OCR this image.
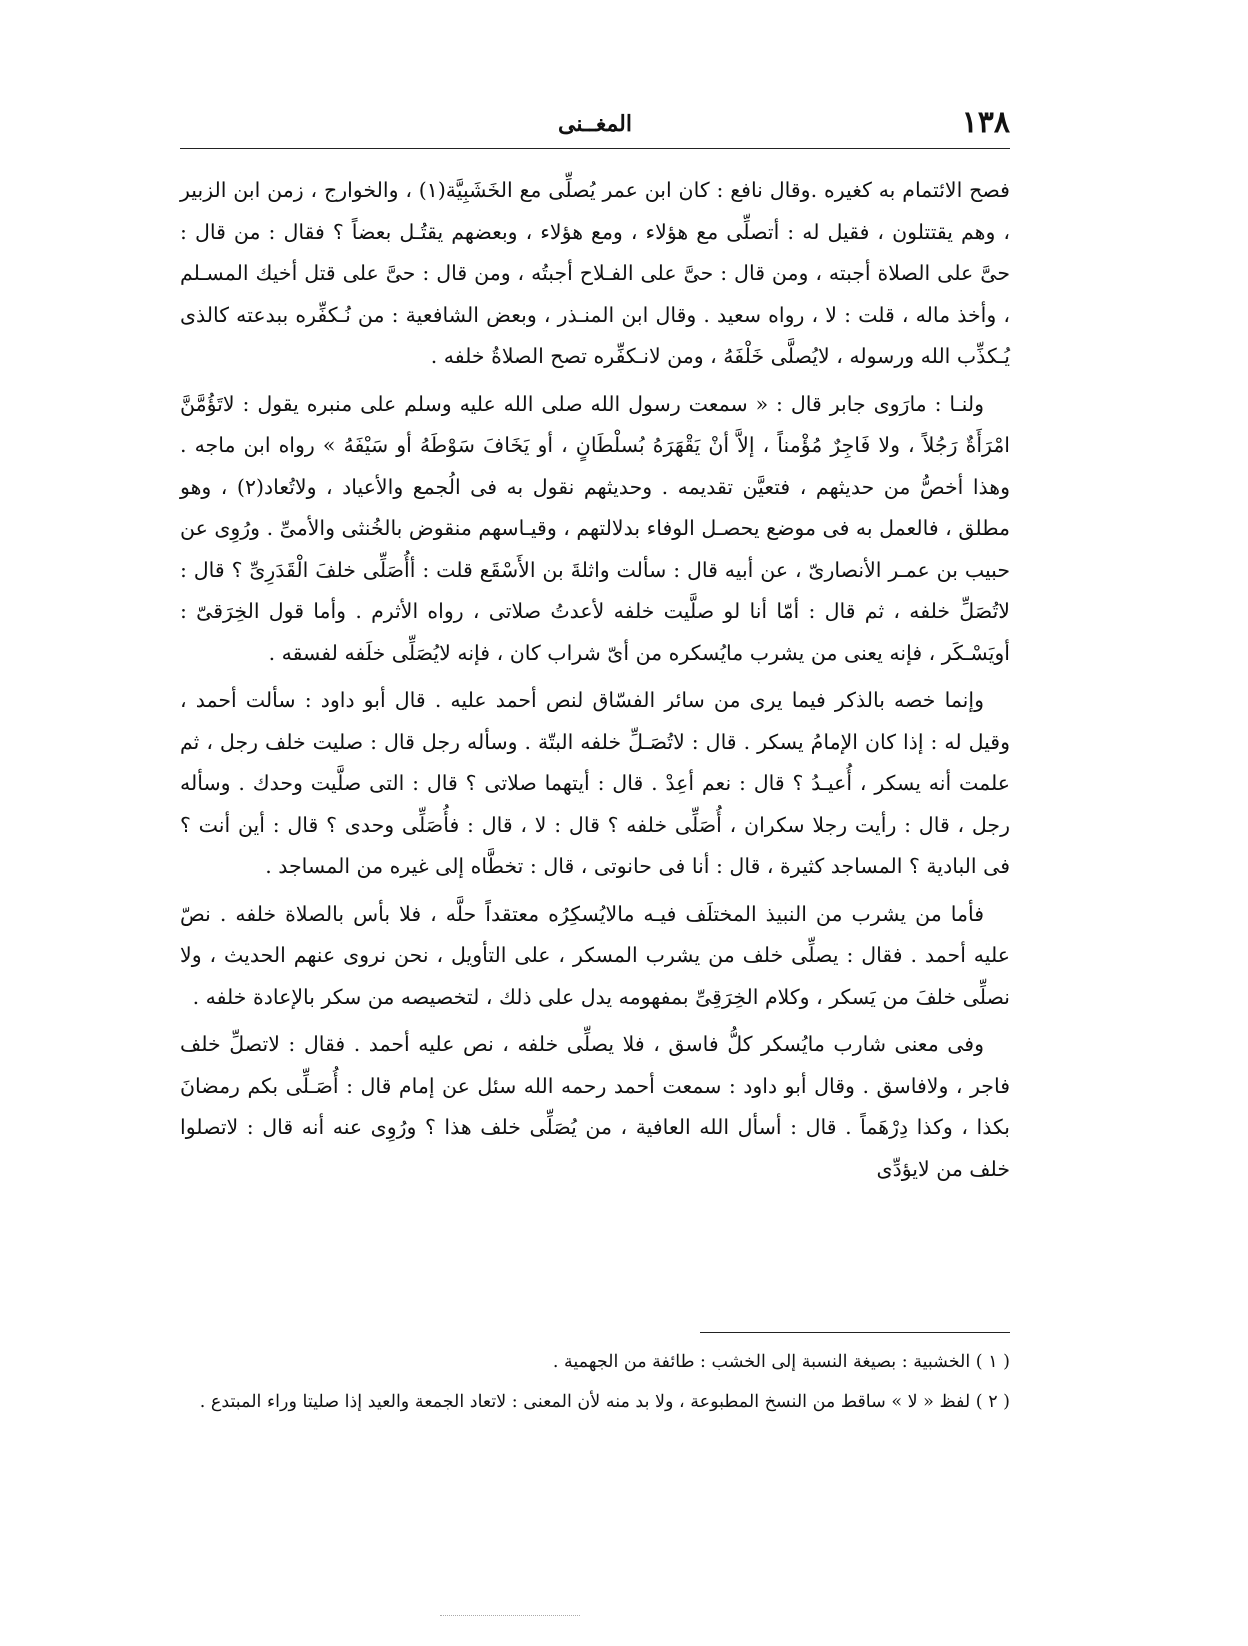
١٣٨
المغــنى

فصح الائتمام به كغيره .وقال نافع : كان ابن عمر يُصلِّى مع الخَشَبِيَّة(١) ، والخوارج ، زمن ابن الزبير ، وهم يقتتلون ، فقيل له : أتصلِّى مع هؤلاء ، ومع هؤلاء ، وبعضهم يقتُـل بعضاً ؟ فقال : من قال : حىَّ على الصلاة أجبته ، ومن قال : حىَّ على الفـلاح أجبتُه ، ومن قال : حىَّ على قتل أخيك المسـلم ، وأخذ ماله ، قلت : لا ، رواه سعيد . وقال ابن المنـذر ، وبعض الشافعية : من نُـكفِّره ببدعته كالذى يُـكذِّب الله ورسوله ، لايُصلَّى خَلْفَهُ ، ومن لانـكفِّره تصح الصلاةُ خلفه .

ولنـا : مارَوى جابر قال : « سمعت رسول الله صلى الله عليه وسلم على منبره يقول : لاتَؤُمَّنَّ امْرَأَةٌ رَجُلاً ، ولا فَاجِرٌ مُؤْمناً ، إلاَّ أنْ يَقْهَرَهُ بُسلْطَانٍ ، أو يَخَافَ سَوْطَهُ أو سَيْفَهُ » رواه ابن ماجه . وهذا أخصُّ من حديثهم ، فتعيَّن تقديمه . وحديثهم نقول به فى الُجمع والأعياد ، ولاتُعاد(٢) ، وهو مطلق ، فالعمل به فى موضع يحصـل الوفاء بدلالتهم ، وقيـاسهم منقوض بالخُنثى والأمىِّ . ورُوِى عن حبيب بن عمـر الأنصارىّ ، عن أبيه قال : سألت واثلةَ بن الأَسْقَع قلت : أأُصَلِّى خلفَ الْقَدَرِىِّ ؟ قال : لاتُصَلِّ خلفه ، ثم قال : أمّا أنا لو صلَّيت خلفه لأعدتُ صلاتى ، رواه الأثرم . وأما قول الخِرَقىّ : أويَسْـكَر ، فإنه يعنى من يشرب مايُسكره من أىّ شراب كان ، فإنه لايُصَلِّى خلَفه لفسقه .

وإنما خصه بالذكر فيما يرى من سائر الفسّاق لنص أحمد عليه . قال أبو داود : سألت أحمد ، وقيل له : إذا كان الإمامُ يسكر . قال : لاتُصَـلِّ خلفه البتّة . وسأله رجل قال : صليت خلف رجل ، ثم علمت أنه يسكر ، أُعيـدُ ؟ قال : نعم أعِدْ . قال : أيتهما صلاتى ؟ قال : التى صلَّيت وحدك . وسأله رجل ، قال : رأيت رجلا سكران ، أُصَلِّى خلفه ؟ قال : لا ، قال : فأُصَلِّى وحدى ؟ قال : أين أنت ؟ فى البادية ؟ المساجد كثيرة ، قال : أنا فى حانوتى ، قال : تخطَّاه إلى غيره من المساجد .

فأما من يشرب من النبيذ المختلَف فيـه مالايُسكِرُه معتقداً حلَّه ، فلا بأس بالصلاة خلفه . نصّ عليه أحمد . فقال : يصلِّى خلف من يشرب المسكر ، على التأويل ، نحن نروى عنهم الحديث ، ولا نصلِّى خلفَ من يَسكر ، وكلام الخِرَقِىِّ بمفهومه يدل على ذلك ، لتخصيصه من سكر بالإعادة خلفه .

وفى معنى شارب مايُسكر كلُّ فاسق ، فلا يصلِّى خلفه ، نص عليه أحمد . فقال : لاتصلِّ خلف فاجر ، ولافاسق . وقال أبو داود : سمعت أحمد رحمه الله سئل عن إمام قال : أُصَـلِّى بكم رمضانَ بكذا ، وكذا دِرْهَماً . قال : أسأل الله العافية ، من يُصَلِّى خلف هذا ؟ ورُوِى عنه أنه قال : لاتصلوا خلف من لايؤدِّى

( ١ ) الخشبية : بصيغة النسبة إلى الخشب : طائفة من الجهمية .

( ٢ ) لفظ « لا » ساقط من النسخ المطبوعة ، ولا بد منه لأن المعنى : لاتعاد الجمعة والعيد إذا صليتا وراء المبتدع .
